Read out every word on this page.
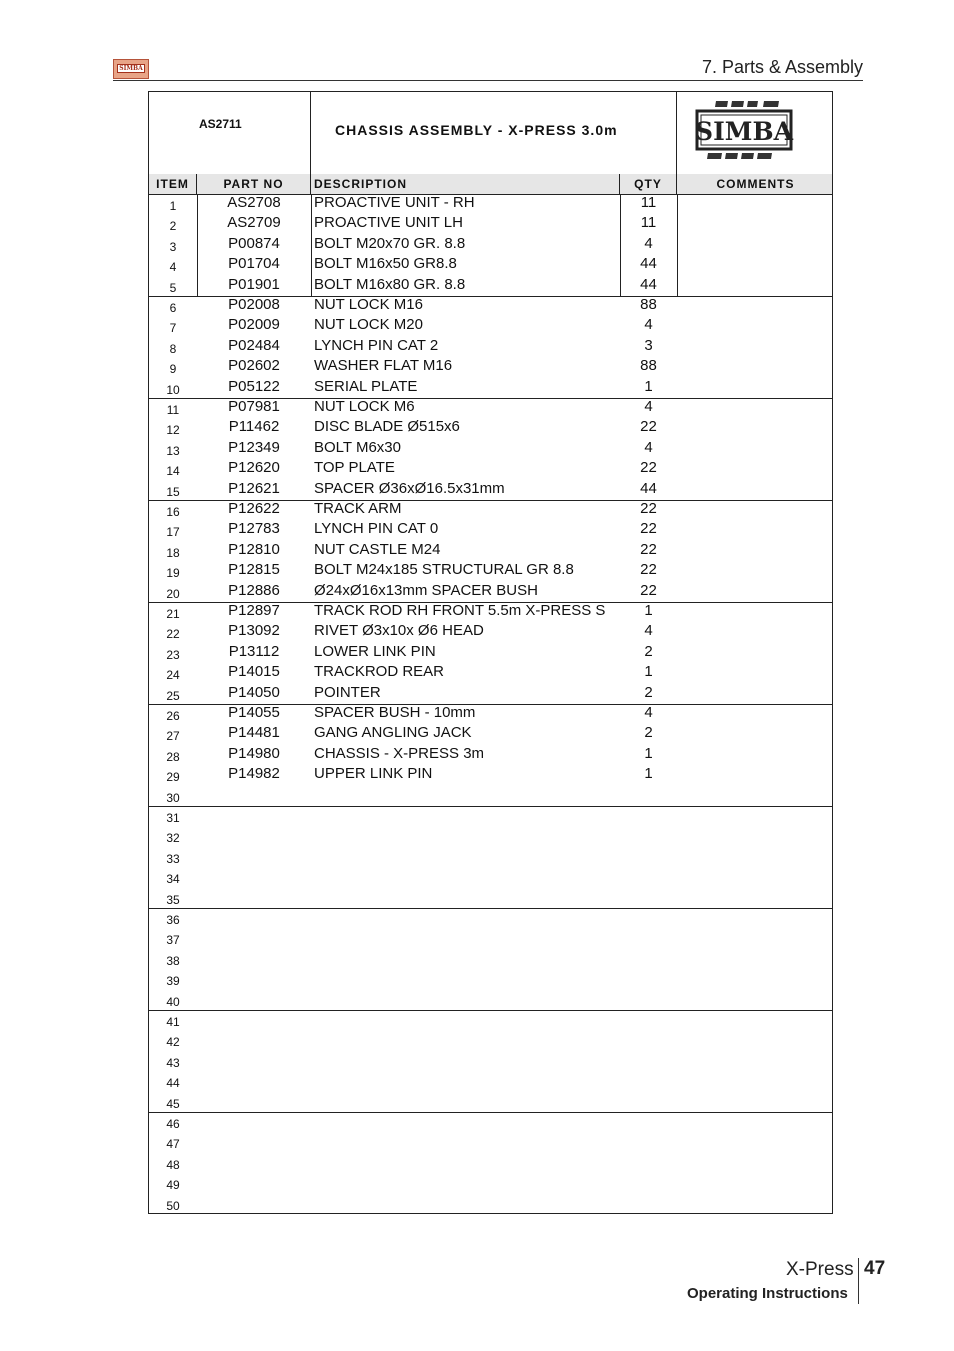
SIMBA	7. Parts & Assembly
AS2711	CHASSIS ASSEMBLY - X-PRESS 3.0m	SIMBA
ITEM	PART NO	DESCRIPTION	QTY	COMMENTS
1	AS2708	PROACTIVE UNIT - RH	11
2	AS2709	PROACTIVE UNIT LH	11
3	P00874	BOLT M20x70 GR. 8.8	4
4	P01704	BOLT M16x50 GR8.8	44
5	P01901	BOLT M16x80 GR. 8.8	44
6	P02008	NUT LOCK M16	88
7	P02009	NUT LOCK M20	4
8	P02484	LYNCH PIN CAT 2	3
9	P02602	WASHER FLAT M16	88
10	P05122	SERIAL PLATE	1
11	P07981	NUT LOCK M6	4
12	P11462	DISC BLADE Ø515x6	22
13	P12349	BOLT M6x30	4
14	P12620	TOP PLATE	22
15	P12621	SPACER Ø36xØ16.5x31mm	44
16	P12622	TRACK ARM	22
17	P12783	LYNCH PIN CAT 0	22
18	P12810	NUT CASTLE M24	22
19	P12815	BOLT M24x185 STRUCTURAL GR 8.8	22
20	P12886	Ø24xØ16x13mm SPACER BUSH	22
21	P12897	TRACK ROD RH FRONT 5.5m X-PRESS S	1
22	P13092	RIVET Ø3x10x Ø6 HEAD	4
23	P13112	LOWER LINK PIN	2
24	P14015	TRACKROD REAR	1
25	P14050	POINTER	2
26	P14055	SPACER BUSH - 10mm	4
27	P14481	GANG ANGLING JACK	2
28	P14980	CHASSIS - X-PRESS 3m	1
29	P14982	UPPER LINK PIN	1
30
31
32
33
34
35
36
37
38
39
40
41
42
43
44
45
46
47
48
49
50
X-Press 47
Operating Instructions
